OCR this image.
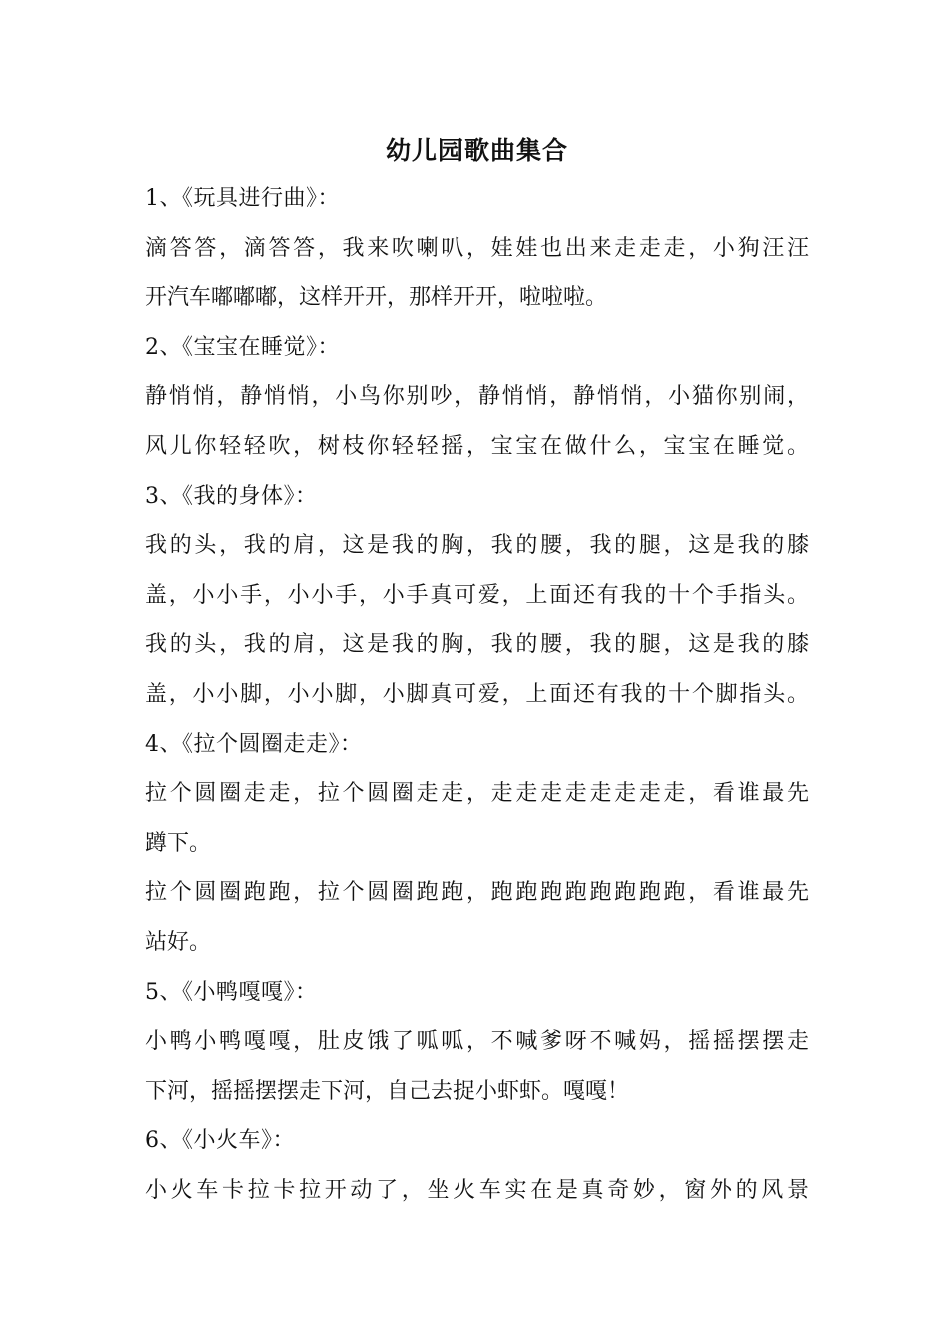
幼儿园歌曲集合

1、《玩具进行曲》：

滴答答，滴答答，我来吹喇叭，娃娃也出来走走走，小狗汪汪

开汽车嘟嘟嘟，这样开开，那样开开，啦啦啦。

2、《宝宝在睡觉》：

静悄悄，静悄悄，小鸟你别吵，静悄悄，静悄悄，小猫你别闹，

风儿你轻轻吹，树枝你轻轻摇，宝宝在做什么，宝宝在睡觉。

3、《我的身体》：

我的头，我的肩，这是我的胸，我的腰，我的腿，这是我的膝

盖，小小手，小小手，小手真可爱，上面还有我的十个手指头。

我的头，我的肩，这是我的胸，我的腰，我的腿，这是我的膝

盖，小小脚，小小脚，小脚真可爱，上面还有我的十个脚指头。

4、《拉个圆圈走走》：

拉个圆圈走走，拉个圆圈走走，走走走走走走走走，看谁最先

蹲下。

拉个圆圈跑跑，拉个圆圈跑跑，跑跑跑跑跑跑跑跑，看谁最先

站好。

5、《小鸭嘎嘎》：

小鸭小鸭嘎嘎，肚皮饿了呱呱，不喊爹呀不喊妈，摇摇摆摆走

下河，摇摇摆摆走下河，自己去捉小虾虾。嘎嘎！

6、《小火车》：

小火车卡拉卡拉开动了，坐火车实在是真奇妙，窗外的风景
